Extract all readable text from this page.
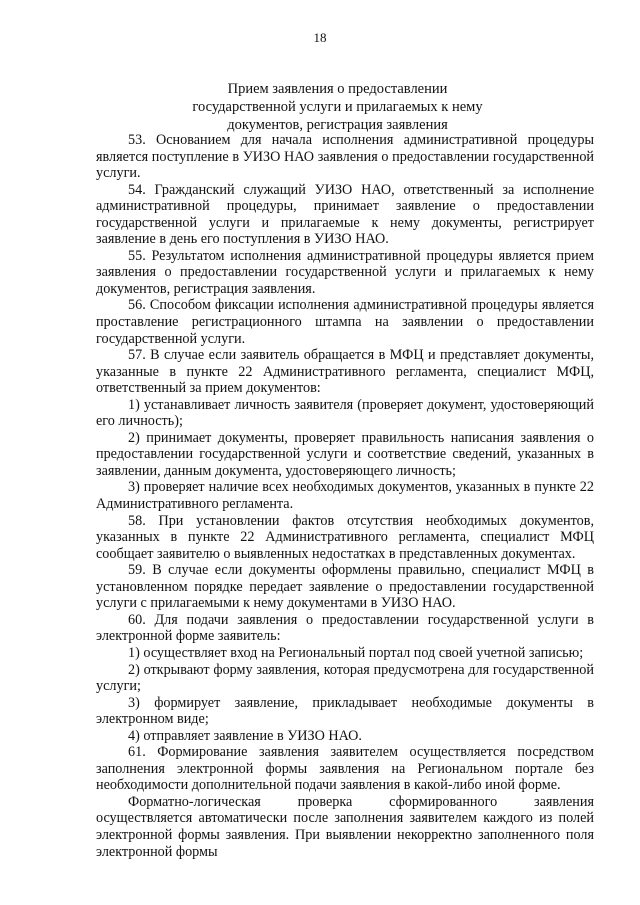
18
Прием заявления о предоставлении
государственной услуги и прилагаемых к нему
документов, регистрация заявления

53. Основанием для начала исполнения административной процедуры является поступление в УИЗО НАО заявления о предоставлении государственной услуги.

54. Гражданский служащий УИЗО НАО, ответственный за исполнение административной процедуры, принимает заявление о предоставлении государственной услуги и прилагаемые к нему документы, регистрирует заявление в день его поступления в УИЗО НАО.

55. Результатом исполнения административной процедуры является прием заявления о предоставлении государственной услуги и прилагаемых к нему документов, регистрация заявления.

56. Способом фиксации исполнения административной процедуры является проставление регистрационного штампа на заявлении о предоставлении государственной услуги.

57. В случае если заявитель обращается в МФЦ и представляет документы, указанные в пункте 22 Административного регламента, специалист МФЦ, ответственный за прием документов:

1) устанавливает личность заявителя (проверяет документ, удостоверяющий его личность);

2) принимает документы, проверяет правильность написания заявления о предоставлении государственной услуги и соответствие сведений, указанных в заявлении, данным документа, удостоверяющего личность;

3) проверяет наличие всех необходимых документов, указанных в пункте 22 Административного регламента.

58. При установлении фактов отсутствия необходимых документов, указанных в пункте 22 Административного регламента, специалист МФЦ сообщает заявителю о выявленных недостатках в представленных документах.

59. В случае если документы оформлены правильно, специалист МФЦ в установленном порядке передает заявление о предоставлении государственной услуги с прилагаемыми к нему документами в УИЗО НАО.

60. Для подачи заявления о предоставлении государственной услуги в электронной форме заявитель:

1) осуществляет вход на Региональный портал под своей учетной записью;

2) открывают форму заявления, которая предусмотрена для государственной услуги;

3) формирует заявление, прикладывает необходимые документы в электронном виде;

4) отправляет заявление в УИЗО НАО.

61. Формирование заявления заявителем осуществляется посредством заполнения электронной формы заявления на Региональном портале без необходимости дополнительной подачи заявления в какой-либо иной форме.

Форматно-логическая проверка сформированного заявления осуществляется автоматически после заполнения заявителем каждого из полей электронной формы заявления. При выявлении некорректно заполненного поля электронной формы
